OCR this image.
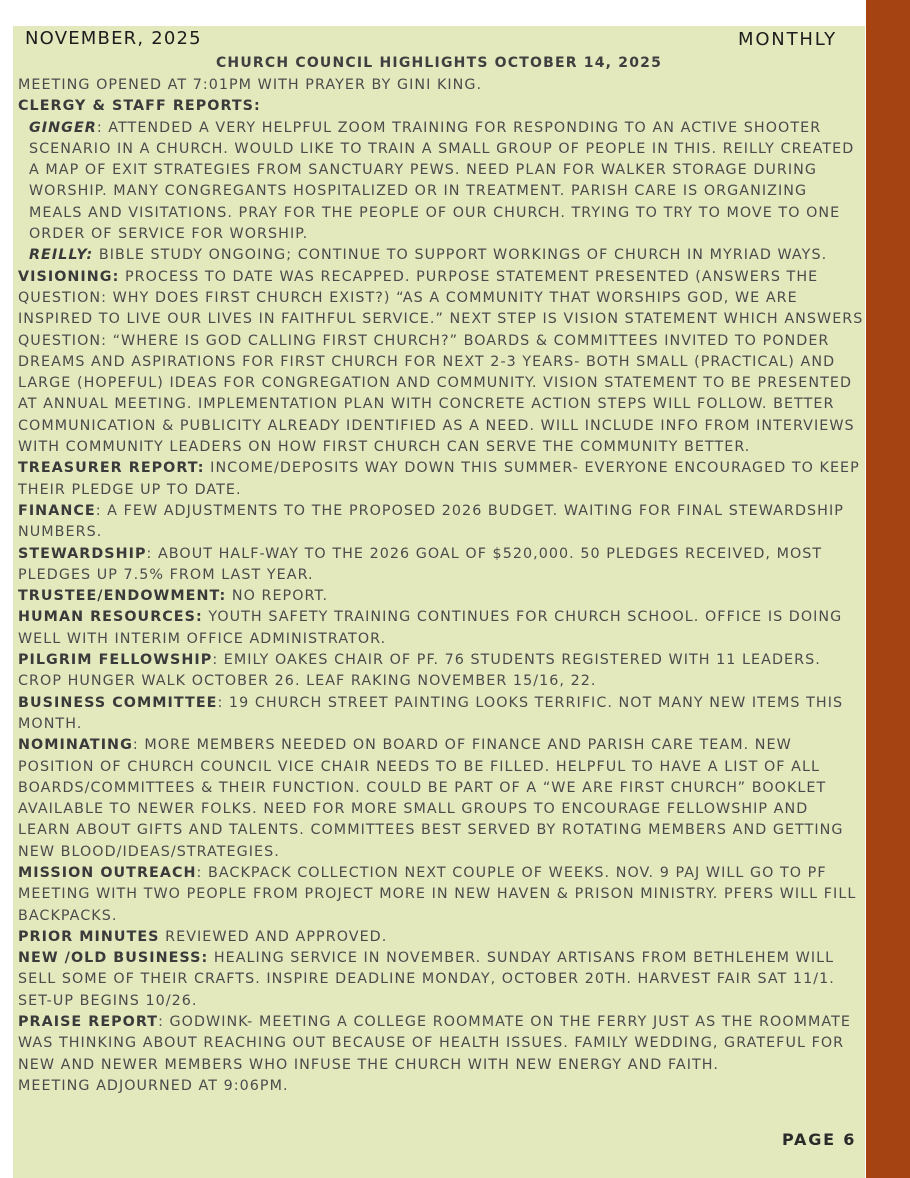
NOVEMBER, 2025	MONTHLY
CHURCH COUNCIL HIGHLIGHTS OCTOBER 14, 2025

MEETING OPENED AT 7:01PM WITH PRAYER BY GINI KING.

CLERGY & STAFF REPORTS:

GINGER: ATTENDED A VERY HELPFUL ZOOM TRAINING FOR RESPONDING TO AN ACTIVE SHOOTER SCENARIO IN A CHURCH. WOULD LIKE TO TRAIN A SMALL GROUP OF PEOPLE IN THIS. REILLY CREATED A MAP OF EXIT STRATEGIES FROM SANCTUARY PEWS. NEED PLAN FOR WALKER STORAGE DURING WORSHIP. MANY CONGREGANTS HOSPITALIZED OR IN TREATMENT. PARISH CARE IS ORGANIZING MEALS AND VISITATIONS. PRAY FOR THE PEOPLE OF OUR CHURCH. TRYING TO TRY TO MOVE TO ONE ORDER OF SERVICE FOR WORSHIP.

REILLY: BIBLE STUDY ONGOING; CONTINUE TO SUPPORT WORKINGS OF CHURCH IN MYRIAD WAYS.

VISIONING: PROCESS TO DATE WAS RECAPPED. PURPOSE STATEMENT PRESENTED (ANSWERS THE QUESTION: WHY DOES FIRST CHURCH EXIST?) “AS A COMMUNITY THAT WORSHIPS GOD, WE ARE INSPIRED TO LIVE OUR LIVES IN FAITHFUL SERVICE.” NEXT STEP IS VISION STATEMENT WHICH ANSWERS QUESTION: “WHERE IS GOD CALLING FIRST CHURCH?” BOARDS & COMMITTEES INVITED TO PONDER DREAMS AND ASPIRATIONS FOR FIRST CHURCH FOR NEXT 2-3 YEARS- BOTH SMALL (PRACTICAL) AND LARGE (HOPEFUL) IDEAS FOR CONGREGATION AND COMMUNITY. VISION STATEMENT TO BE PRESENTED AT ANNUAL MEETING. IMPLEMENTATION PLAN WITH CONCRETE ACTION STEPS WILL FOLLOW. BETTER COMMUNICATION & PUBLICITY ALREADY IDENTIFIED AS A NEED. WILL INCLUDE INFO FROM INTERVIEWS WITH COMMUNITY LEADERS ON HOW FIRST CHURCH CAN SERVE THE COMMUNITY BETTER.

TREASURER REPORT: INCOME/DEPOSITS WAY DOWN THIS SUMMER- EVERYONE ENCOURAGED TO KEEP THEIR PLEDGE UP TO DATE.

FINANCE: A FEW ADJUSTMENTS TO THE PROPOSED 2026 BUDGET. WAITING FOR FINAL STEWARDSHIP NUMBERS.

STEWARDSHIP: ABOUT HALF-WAY TO THE 2026 GOAL OF $520,000. 50 PLEDGES RECEIVED, MOST PLEDGES UP 7.5% FROM LAST YEAR.

TRUSTEE/ENDOWMENT: NO REPORT.

HUMAN RESOURCES: YOUTH SAFETY TRAINING CONTINUES FOR CHURCH SCHOOL. OFFICE IS DOING WELL WITH INTERIM OFFICE ADMINISTRATOR.

PILGRIM FELLOWSHIP: EMILY OAKES CHAIR OF PF. 76 STUDENTS REGISTERED WITH 11 LEADERS. CROP HUNGER WALK OCTOBER 26. LEAF RAKING NOVEMBER 15/16, 22.

BUSINESS COMMITTEE: 19 CHURCH STREET PAINTING LOOKS TERRIFIC. NOT MANY NEW ITEMS THIS MONTH.

NOMINATING: MORE MEMBERS NEEDED ON BOARD OF FINANCE AND PARISH CARE TEAM. NEW POSITION OF CHURCH COUNCIL VICE CHAIR NEEDS TO BE FILLED. HELPFUL TO HAVE A LIST OF ALL BOARDS/COMMITTEES & THEIR FUNCTION. COULD BE PART OF A “WE ARE FIRST CHURCH” BOOKLET AVAILABLE TO NEWER FOLKS. NEED FOR MORE SMALL GROUPS TO ENCOURAGE FELLOWSHIP AND LEARN ABOUT GIFTS AND TALENTS. COMMITTEES BEST SERVED BY ROTATING MEMBERS AND GETTING NEW BLOOD/IDEAS/STRATEGIES.

MISSION OUTREACH: BACKPACK COLLECTION NEXT COUPLE OF WEEKS. NOV. 9 PAJ WILL GO TO PF MEETING WITH TWO PEOPLE FROM PROJECT MORE IN NEW HAVEN & PRISON MINISTRY. PFERS WILL FILL BACKPACKS.

PRIOR MINUTES REVIEWED AND APPROVED.

NEW /OLD BUSINESS: HEALING SERVICE IN NOVEMBER. SUNDAY ARTISANS FROM BETHLEHEM WILL SELL SOME OF THEIR CRAFTS. INSPIRE DEADLINE MONDAY, OCTOBER 20TH. HARVEST FAIR SAT 11/1. SET-UP BEGINS 10/26.

PRAISE REPORT: GODWINK- MEETING A COLLEGE ROOMMATE ON THE FERRY JUST AS THE ROOMMATE WAS THINKING ABOUT REACHING OUT BECAUSE OF HEALTH ISSUES. FAMILY WEDDING, GRATEFUL FOR NEW AND NEWER MEMBERS WHO INFUSE THE CHURCH WITH NEW ENERGY AND FAITH.

MEETING ADJOURNED AT 9:06PM.

PAGE 6
